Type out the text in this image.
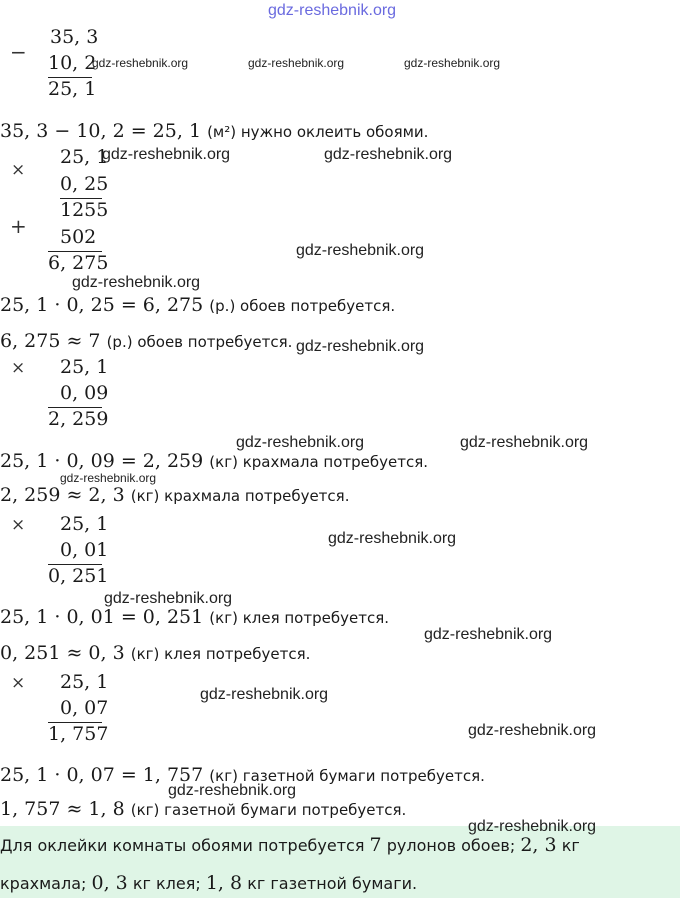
gdz-reshebnik.org
−
35, 3
10, 2
25, 1
gdz-reshebnik.org	gdz-reshebnik.org	gdz-reshebnik.org
35, 3 − 10, 2 = 25, 1 (м²) нужно оклеить обоями.
×
25, 1
gdz-reshebnik.org	gdz-reshebnik.org
0, 25
1255
+ 502
6, 275
gdz-reshebnik.org
gdz-reshebnik.org
25, 1 · 0, 25 = 6, 275 (р.) обоев потребуется.
6, 275 ≈ 7 (р.) обоев потребуется. gdz-reshebnik.org
× 25, 1
0, 09
2, 259
gdz-reshebnik.org	gdz-reshebnik.org
25, 1 · 0, 09 = 2, 259 (кг) крахмала потребуется.
gdz-reshebnik.org
2, 259 ≈ 2, 3 (кг) крахмала потребуется.
× 25, 1
0, 01
gdz-reshebnik.org
0, 251
gdz-reshebnik.org
25, 1 · 0, 01 = 0, 251 (кг) клея потребуется.
gdz-reshebnik.org
0, 251 ≈ 0, 3 (кг) клея потребуется.
× 25, 1
gdz-reshebnik.org
0, 07
1, 757	gdz-reshebnik.org
25, 1 · 0, 07 = 1, 757 (кг) газетной бумаги потребуется.
gdz-reshebnik.org
1, 757 ≈ 1, 8 (кг) газетной бумаги потребуется.
Для оклейки комнаты обоями потребуется 7 рулонов обоев; 2, 3 кг
крахмала; 0, 3 кг клея; 1, 8 кг газетной бумаги.
gdz-reshebnik.org
